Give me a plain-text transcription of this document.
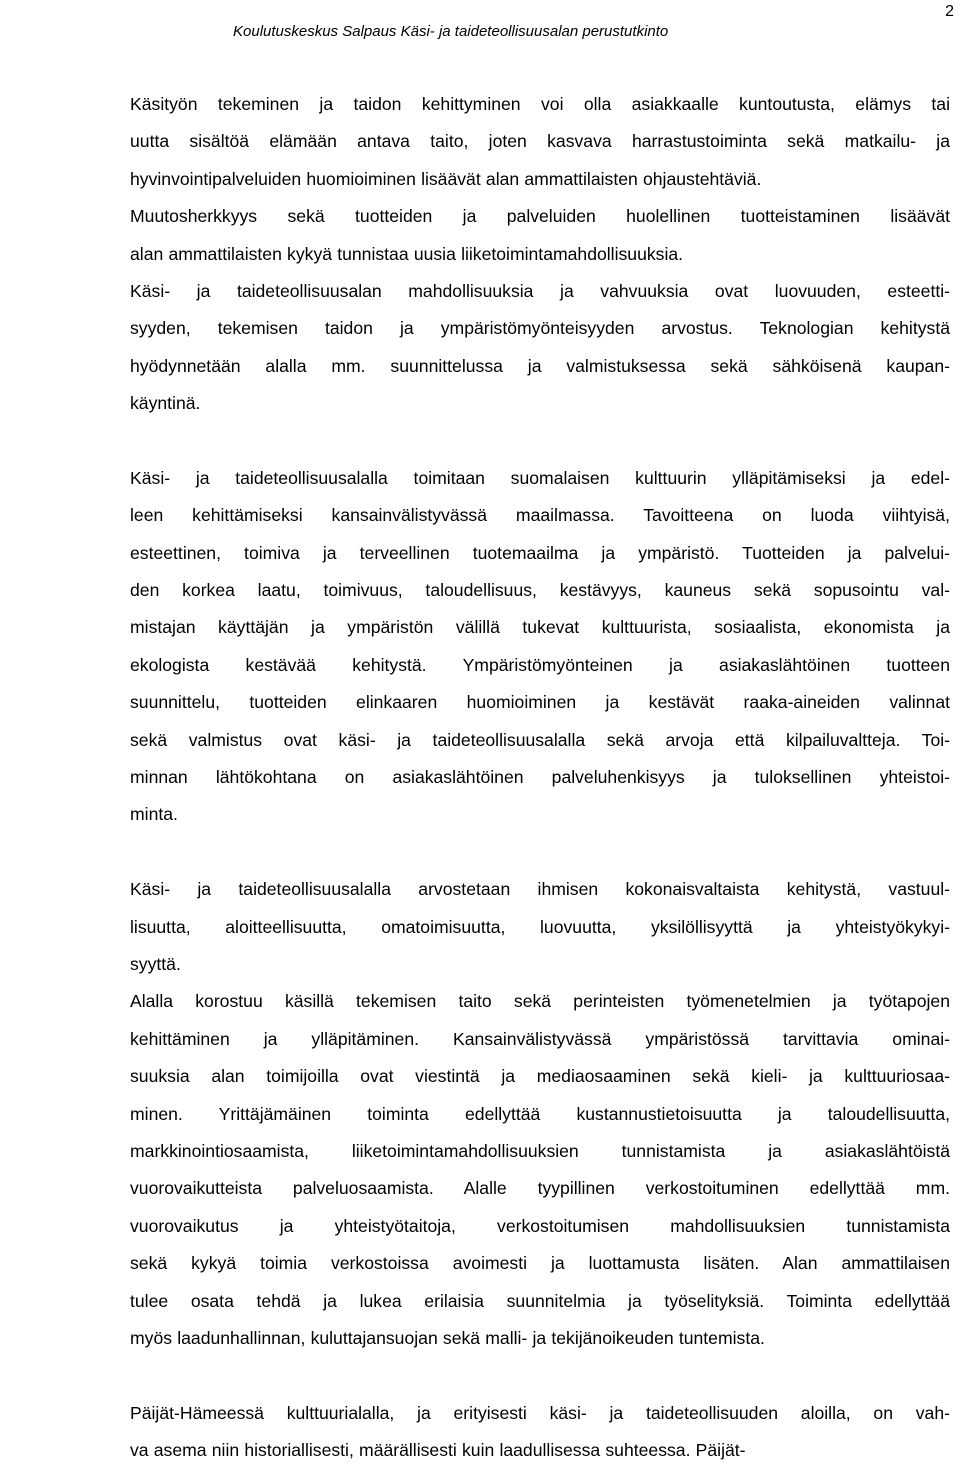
Koulutuskeskus Salpaus Käsi- ja taideteollisuusalan perustutkinto
2
Käsityön tekeminen ja taidon kehittyminen voi olla asiakkaalle kuntoutusta, elämys tai
uutta sisältöä elämään antava taito, joten kasvava harrastustoiminta sekä matkailu- ja
hyvinvointipalveluiden huomioiminen lisäävät alan ammattilaisten ohjaustehtäviä.
Muutosherkkyys sekä tuotteiden ja palveluiden huolellinen tuotteistaminen lisäävät
alan ammattilaisten kykyä tunnistaa uusia liiketoimintamahdollisuuksia.
Käsi- ja taideteollisuusalan mahdollisuuksia ja vahvuuksia ovat luovuuden, esteetti-
syyden, tekemisen taidon ja ympäristömyönteisyyden arvostus. Teknologian kehitystä
hyödynnetään alalla mm. suunnittelussa ja valmistuksessa sekä sähköisenä kaupan-
käyntinä.
Käsi- ja taideteollisuusalalla toimitaan suomalaisen kulttuurin ylläpitämiseksi ja edel-
leen kehittämiseksi kansainvälistyvässä maailmassa. Tavoitteena on luoda viihtyisä,
esteettinen, toimiva ja terveellinen tuotemaailma ja ympäristö. Tuotteiden ja palvelui-
den korkea laatu, toimivuus, taloudellisuus, kestävyys, kauneus sekä sopusointu val-
mistajan käyttäjän ja ympäristön välillä tukevat kulttuurista, sosiaalista, ekonomista ja
ekologista kestävää kehitystä. Ympäristömyönteinen ja asiakaslähtöinen tuotteen
suunnittelu, tuotteiden elinkaaren huomioiminen ja kestävät raaka-aineiden valinnat
sekä valmistus ovat käsi- ja taideteollisuusalalla sekä arvoja että kilpailuvaltteja. Toi-
minnan lähtökohtana on asiakaslähtöinen palveluhenkisyys ja tuloksellinen yhteistoi-
minta.
Käsi- ja taideteollisuusalalla arvostetaan ihmisen kokonaisvaltaista kehitystä, vastuul-
lisuutta, aloitteellisuutta, omatoimisuutta, luovuutta, yksilöllisyyttä ja yhteistyökykyi-
syyttä.
Alalla korostuu käsillä tekemisen taito sekä perinteisten työmenetelmien ja työtapojen
kehittäminen ja ylläpitäminen. Kansainvälistyvässä ympäristössä tarvittavia ominai-
suuksia alan toimijoilla ovat viestintä ja mediaosaaminen sekä kieli- ja kulttuuriosaa-
minen. Yrittäjämäinen toiminta edellyttää kustannustietoisuutta ja taloudellisuutta,
markkinointiosaamista, liiketoimintamahdollisuuksien tunnistamista ja asiakaslähtöistä
vuorovaikutteista palveluosaamista. Alalle tyypillinen verkostoituminen edellyttää mm.
vuorovaikutus ja yhteistyötaitoja, verkostoitumisen mahdollisuuksien tunnistamista
sekä kykyä toimia verkostoissa avoimesti ja luottamusta lisäten. Alan ammattilaisen
tulee osata tehdä ja lukea erilaisia suunnitelmia ja työselityksiä. Toiminta edellyttää
myös laadunhallinnan, kuluttajansuojan sekä malli- ja tekijänoikeuden tuntemista.
Päijät-Hämeessä kulttuurialalla, ja erityisesti käsi- ja taideteollisuuden aloilla, on vah-
va asema niin historiallisesti, määrällisesti kuin laadullisessa suhteessa. Päijät-
